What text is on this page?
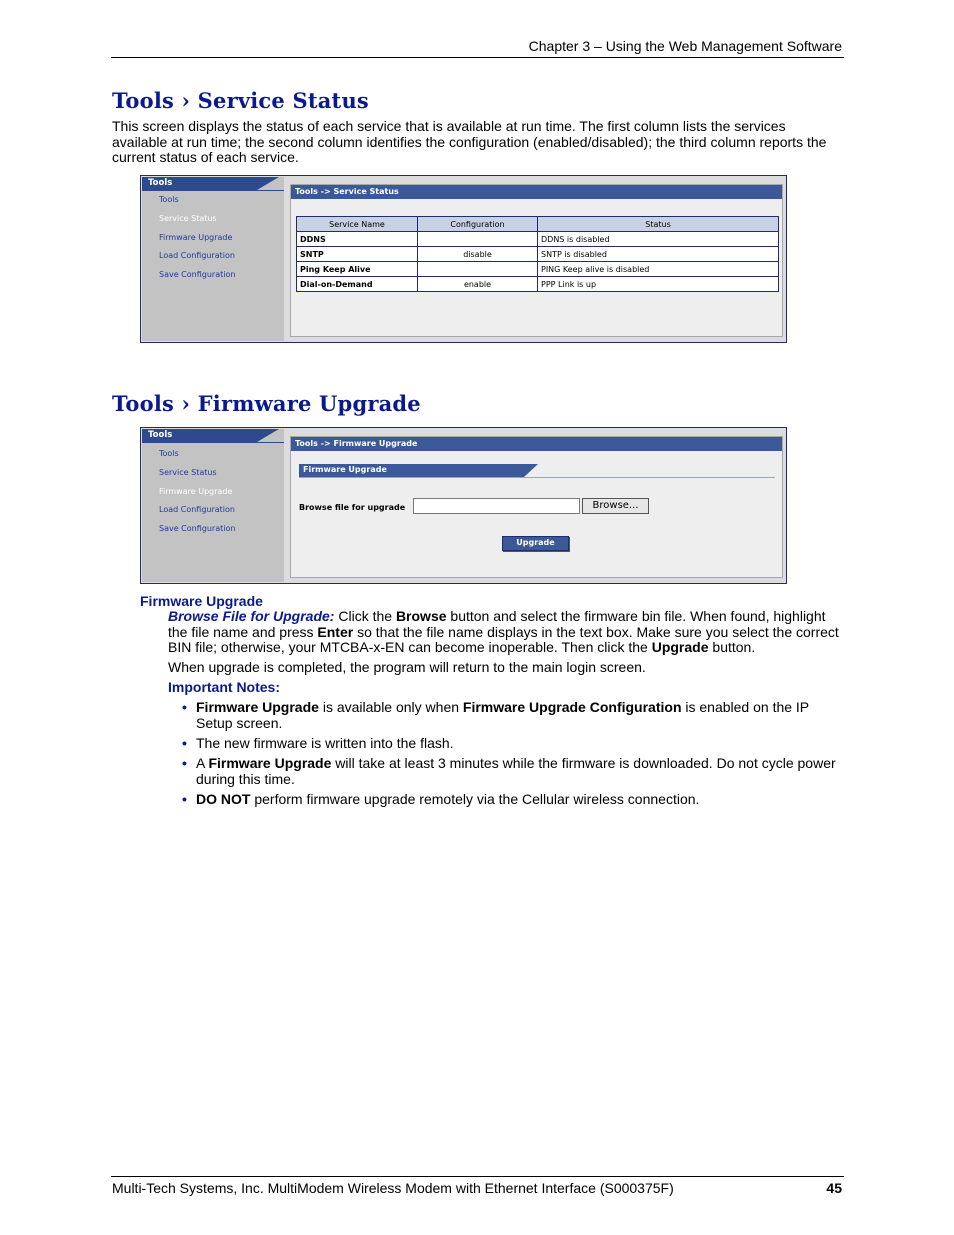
Chapter 3 – Using the Web Management Software
Tools › Service Status
This screen displays the status of each service that is available at run time. The first column lists the services available at run time; the second column identifies the configuration (enabled/disabled); the third column reports the current status of each service.
Tools
Tools
Service Status
Firmware Upgrade
Load Configuration
Save Configuration
Tools -> Service Status
Service Name	Configuration	Status
DDNS		DDNS is disabled
SNTP	disable	SNTP is disabled
Ping Keep Alive		PING Keep alive is disabled
Dial-on-Demand	enable	PPP Link is up
Tools › Firmware Upgrade
Tools
Tools
Service Status
Firmware Upgrade
Load Configuration
Save Configuration
Tools -> Firmware Upgrade
Firmware Upgrade
Browse file for upgrade	Browse...
Upgrade
Firmware Upgrade
Browse File for Upgrade: Click the Browse button and select the firmware bin file. When found, highlight the file name and press Enter so that the file name displays in the text box. Make sure you select the correct BIN file; otherwise, your MTCBA-x-EN can become inoperable. Then click the Upgrade button.
When upgrade is completed, the program will return to the main login screen.
Important Notes:
• Firmware Upgrade is available only when Firmware Upgrade Configuration is enabled on the IP Setup screen.
• The new firmware is written into the flash.
• A Firmware Upgrade will take at least 3 minutes while the firmware is downloaded. Do not cycle power during this time.
• DO NOT perform firmware upgrade remotely via the Cellular wireless connection.
Multi-Tech Systems, Inc. MultiModem Wireless Modem with Ethernet Interface (S000375F)	45
